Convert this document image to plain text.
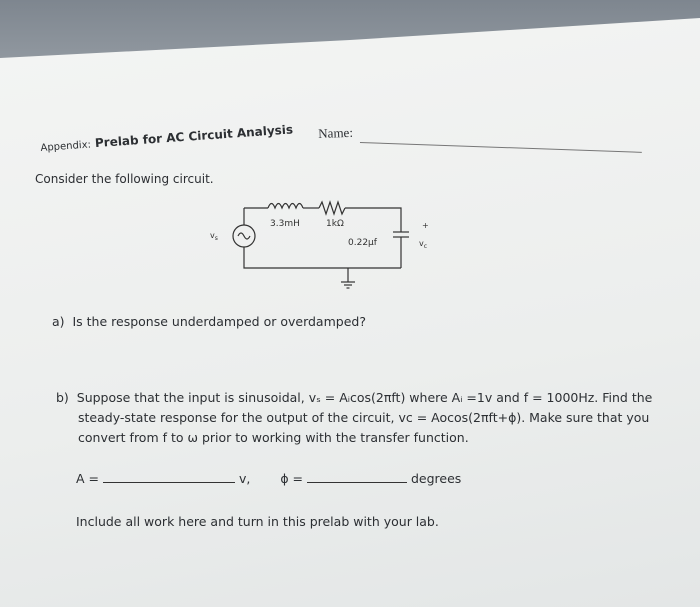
Name:
Appendix: Prelab for AC Circuit Analysis
Consider the following circuit.
3.3mH	1kΩ
0.22μf
$v_s$
$v_c$
+
a)  Is the response underdamped or overdamped?
b)  Suppose that the input is sinusoidal, vₛ = Aᵢcos(2πft) where Aᵢ =1v and f = 1000Hz. Find the
steady-state response for the output of the circuit, vc = Aocos(2πft+ϕ). Make sure that you
convert from f to ω prior to working with the transfer function.
A =	v, ϕ =	degrees
Include all work here and turn in this prelab with your lab.
